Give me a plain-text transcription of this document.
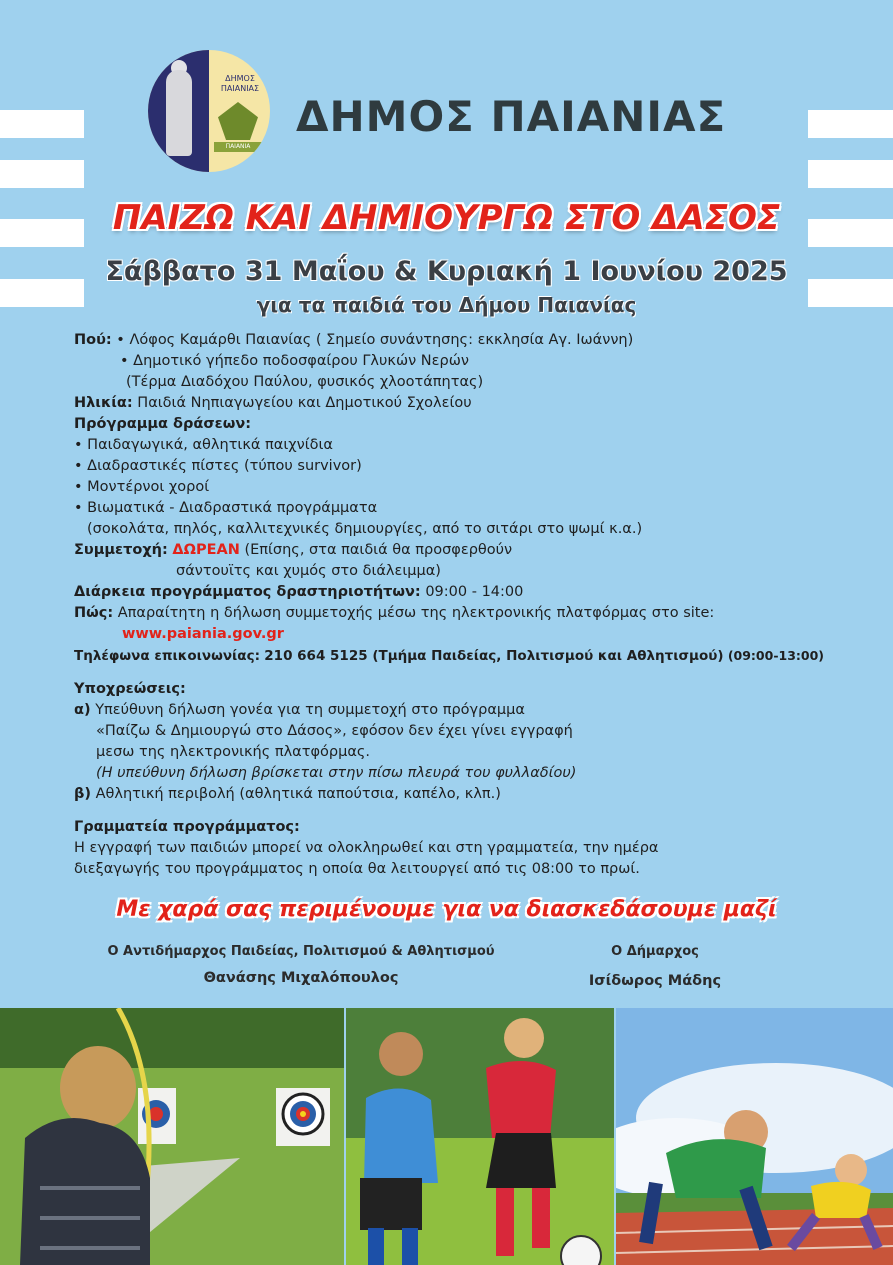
ΔΗΜΟΣ
ΠΑΙΑΝΙΑΣ
ΠΑΙΑΝΙΑ
ΔΗΜΟΣ ΠΑΙΑΝΙΑΣ
ΠΑΙΖΩ ΚΑΙ ΔΗΜΙΟΥΡΓΩ ΣΤΟ ΔΑΣΟΣ
Σάββατο 31 Μαΐου & Κυριακή 1 Ιουνίου 2025
για τα παιδιά του Δήμου Παιανίας
Πού: • Λόφος Καμάρθι Παιανίας ( Σημείο συνάντησης: εκκλησία Αγ. Ιωάννη)
• Δημοτικό γήπεδο ποδοσφαίρου Γλυκών Νερών
(Τέρμα Διαδόχου Παύλου, φυσικός χλοοτάπητας)
Ηλικία: Παιδιά Νηπιαγωγείου και Δημοτικού Σχολείου
Πρόγραμμα δράσεων:
• Παιδαγωγικά, αθλητικά παιχνίδια
• Διαδραστικές πίστες (τύπου survivor)
• Μοντέρνοι χοροί
• Βιωματικά - Διαδραστικά προγράμματα
(σοκολάτα, πηλός, καλλιτεχνικές δημιουργίες, από το σιτάρι στο ψωμί κ.α.)
Συμμετοχή: ΔΩΡΕΑΝ (Επίσης, στα παιδιά θα προσφερθούν
σάντουϊτς και χυμός στο διάλειμμα)
Διάρκεια προγράμματος δραστηριοτήτων: 09:00 - 14:00
Πώς: Απαραίτητη η δήλωση συμμετοχής μέσω της ηλεκτρονικής πλατφόρμας στο site:
www.paiania.gov.gr
Τηλέφωνα επικοινωνίας: 210 664 5125 (Τμήμα Παιδείας, Πολιτισμού και Αθλητισμού) (09:00-13:00)
Υποχρεώσεις:
α) Υπεύθυνη δήλωση γονέα για τη συμμετοχή στο πρόγραμμα
«Παίζω & Δημιουργώ στο Δάσος», εφόσον δεν έχει γίνει εγγραφή
μεσω της ηλεκτρονικής πλατφόρμας.
(Η υπεύθυνη δήλωση βρίσκεται στην πίσω πλευρά του φυλλαδίου)
β) Αθλητική περιβολή (αθλητικά παπούτσια, καπέλο, κλπ.)
Γραμματεία προγράμματος:
Η εγγραφή των παιδιών μπορεί να ολοκληρωθεί και στη γραμματεία, την ημέρα
διεξαγωγής του προγράμματος η οποία θα λειτουργεί από τις 08:00 το πρωί.
Με χαρά σας περιμένουμε για να διασκεδάσουμε μαζί
Ο Αντιδήμαρχος Παιδείας, Πολιτισμού & Αθλητισμού
Θανάσης Μιχαλόπουλος
Ο Δήμαρχος
Ισίδωρος Μάδης
